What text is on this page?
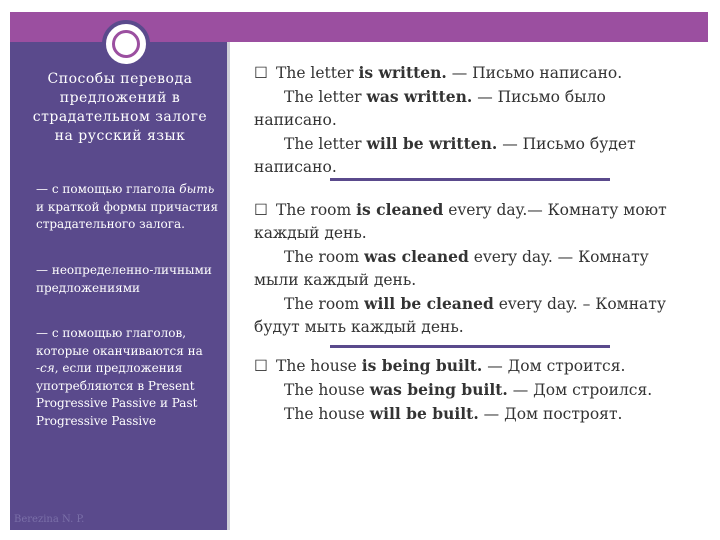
Способы перевода предложений в страдательном залоге на русский язык
— с помощью глагола быть и краткой формы причастия страдательного залога.
— неопределенно-личными предложениями
— с помощью глаголов, которые оканчиваются на -ся, если предложения употребляются в Present Progressive Passive и Past Progressive Passive
Berezina N. P.

☐ The letter is written. — Письмо написано.

The letter was written. — Письмо было написано.

The letter will be written. — Письмо будет написано.

☐ The room is cleaned every day.— Комнату моют каждый день.

The room was cleaned every day. — Комнату мыли каждый день.

The room will be cleaned every day. – Комнату будут мыть каждый день.

☐ The house is being built. — Дом строится.

The house was being built. — Дом строился.

The house will be built. — Дом построят.
